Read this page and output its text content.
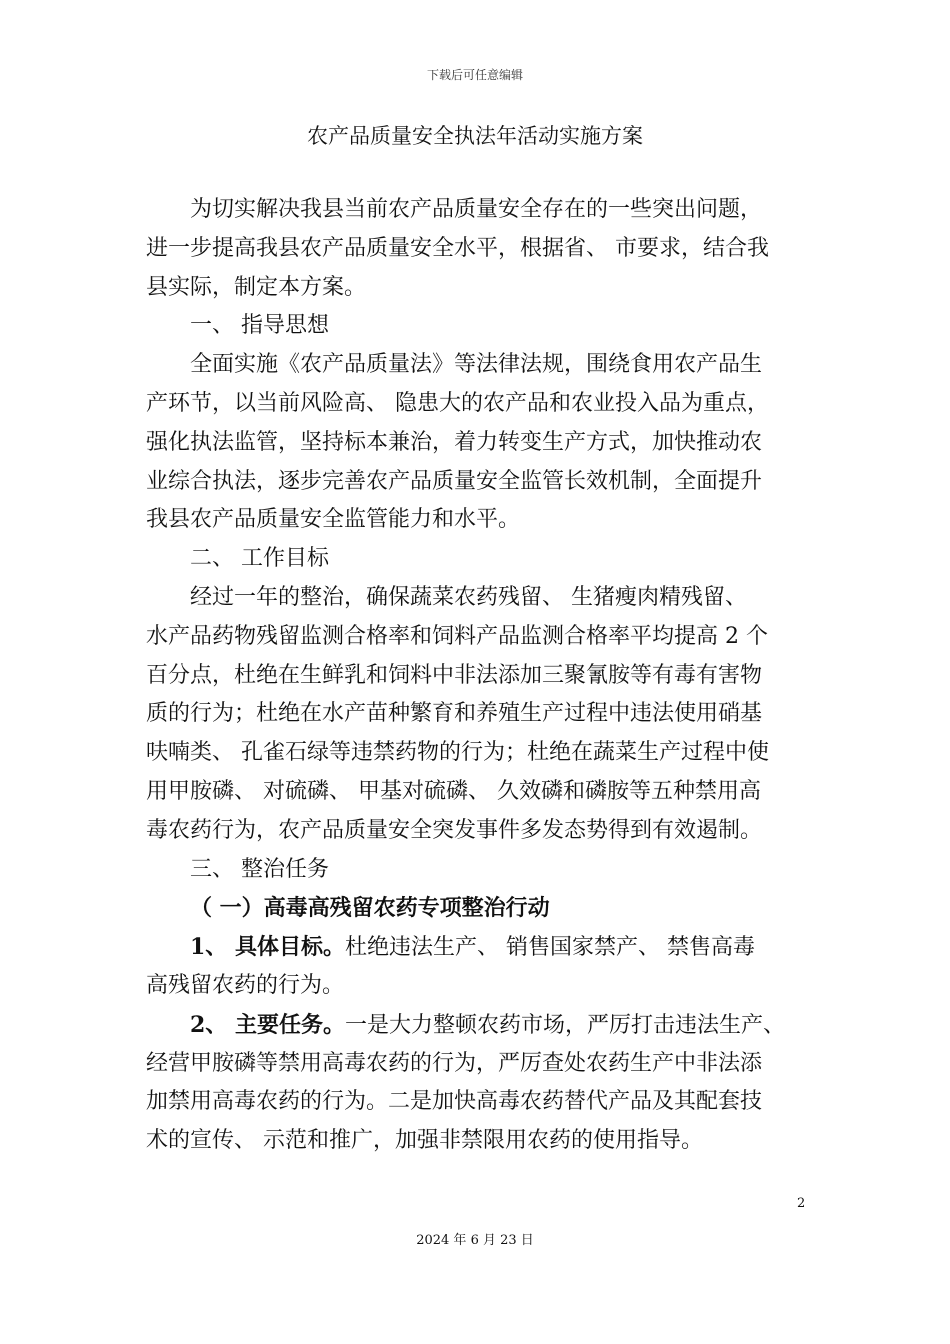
下载后可任意编辑
农产品质量安全执法年活动实施方案
为切实解决我县当前农产品质量安全存在的一些突出问题，
进一步提高我县农产品质量安全水平，根据省、 市要求，结合我
县实际，制定本方案。
一、 指导思想
全面实施《农产品质量法》等法律法规，围绕食用农产品生
产环节，以当前风险高、 隐患大的农产品和农业投入品为重点，
强化执法监管，坚持标本兼治，着力转变生产方式，加快推动农
业综合执法，逐步完善农产品质量安全监管长效机制，全面提升
我县农产品质量安全监管能力和水平。
二、 工作目标
经过一年的整治，确保蔬菜农药残留、 生猪瘦肉精残留、
水产品药物残留监测合格率和饲料产品监测合格率平均提高 2 个
百分点，杜绝在生鲜乳和饲料中非法添加三聚氰胺等有毒有害物
质的行为；杜绝在水产苗种繁育和养殖生产过程中违法使用硝基
呋喃类、 孔雀石绿等违禁药物的行为；杜绝在蔬菜生产过程中使
用甲胺磷、 对硫磷、 甲基对硫磷、 久效磷和磷胺等五种禁用高
毒农药行为，农产品质量安全突发事件多发态势得到有效遏制。
三、 整治任务
（ 一）高毒高残留农药专项整治行动
1、 具体目标。杜绝违法生产、 销售国家禁产、 禁售高毒
高残留农药的行为。
2、 主要任务。一是大力整顿农药市场，严厉打击违法生产、
经营甲胺磷等禁用高毒农药的行为，严厉查处农药生产中非法添
加禁用高毒农药的行为。二是加快高毒农药替代产品及其配套技
术的宣传、 示范和推广，加强非禁限用农药的使用指导。
2
2024 年 6 月 23 日
